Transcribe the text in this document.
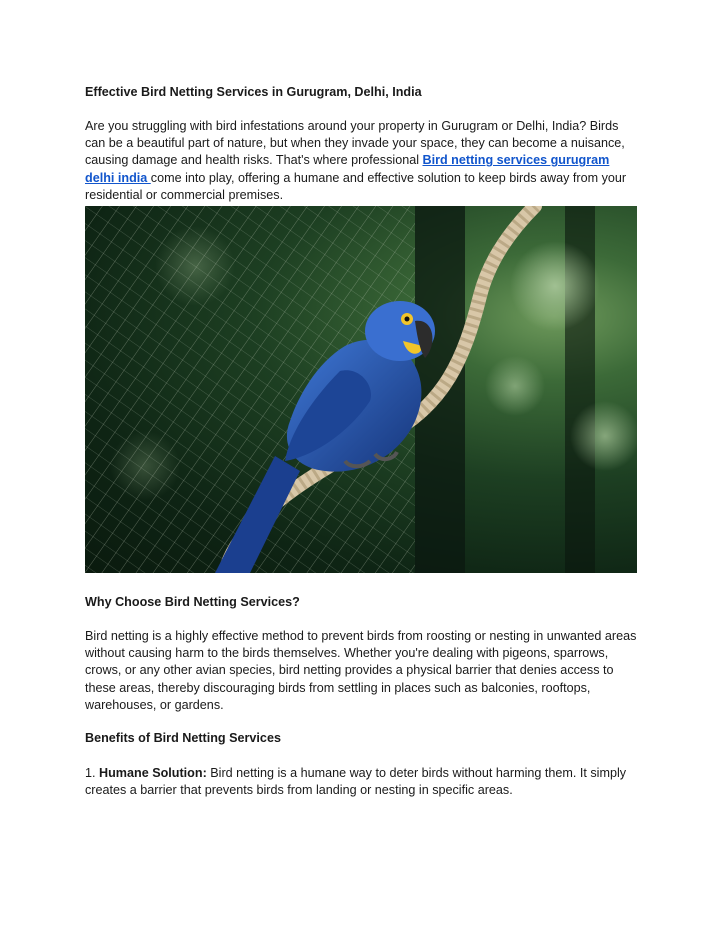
Effective Bird Netting Services in Gurugram, Delhi, India
Are you struggling with bird infestations around your property in Gurugram or Delhi, India? Birds can be a beautiful part of nature, but when they invade your space, they can become a nuisance, causing damage and health risks. That's where professional Bird netting services gurugram delhi india come into play, offering a humane and effective solution to keep birds away from your residential or commercial premises.
Why Choose Bird Netting Services?
Bird netting is a highly effective method to prevent birds from roosting or nesting in unwanted areas without causing harm to the birds themselves. Whether you're dealing with pigeons, sparrows, crows, or any other avian species, bird netting provides a physical barrier that denies access to these areas, thereby discouraging birds from settling in places such as balconies, rooftops, warehouses, or gardens.
Benefits of Bird Netting Services
1. Humane Solution: Bird netting is a humane way to deter birds without harming them. It simply creates a barrier that prevents birds from landing or nesting in specific areas.
